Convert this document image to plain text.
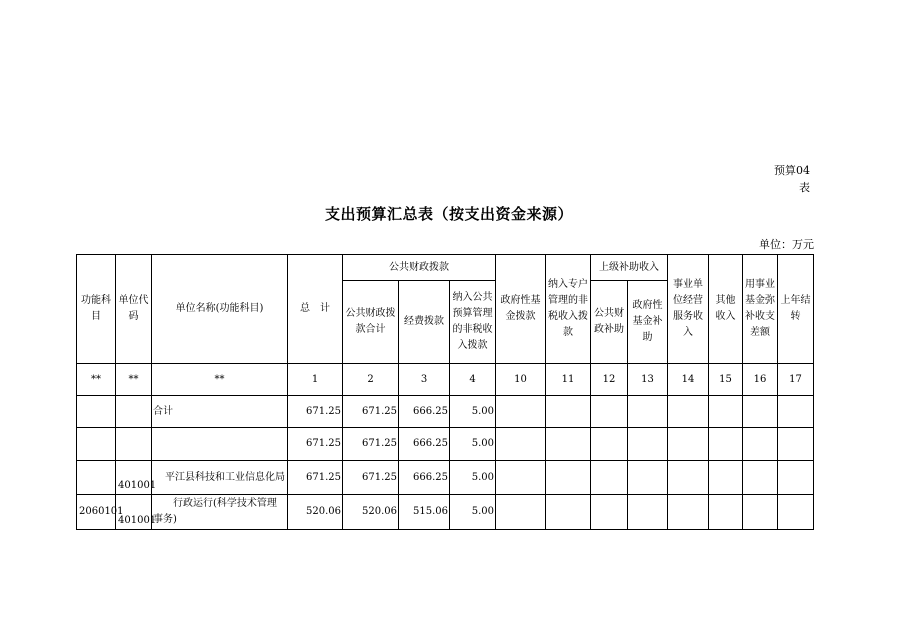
预算04
表
支出预算汇总表（按支出资金来源）
单位：万元
功能科目	单位代码	单位名称(功能科目)	总　计	公共财政拨款			政府性基金拨款	纳入专户管理的非税收入拨款	上级补助收入		事业单位经营服务收入	其他收入	用事业基金弥补收支差额	上年结转
				公共财政拨款合计	经费拨款	纳入公共预算管理的非税收入拨款			公共财政补助	政府性基金补助				
**	**	**	1	2	3	4	10	11	12	13	14	15	16	17
		合计	671.25	671.25	666.25	5.00								
			671.25	671.25	666.25	5.00								
	401001	平江县科技和工业信息化局	671.25	671.25	666.25	5.00								
2060101	401001	行政运行(科学技术管理事务)	520.06	520.06	515.06	5.00								
